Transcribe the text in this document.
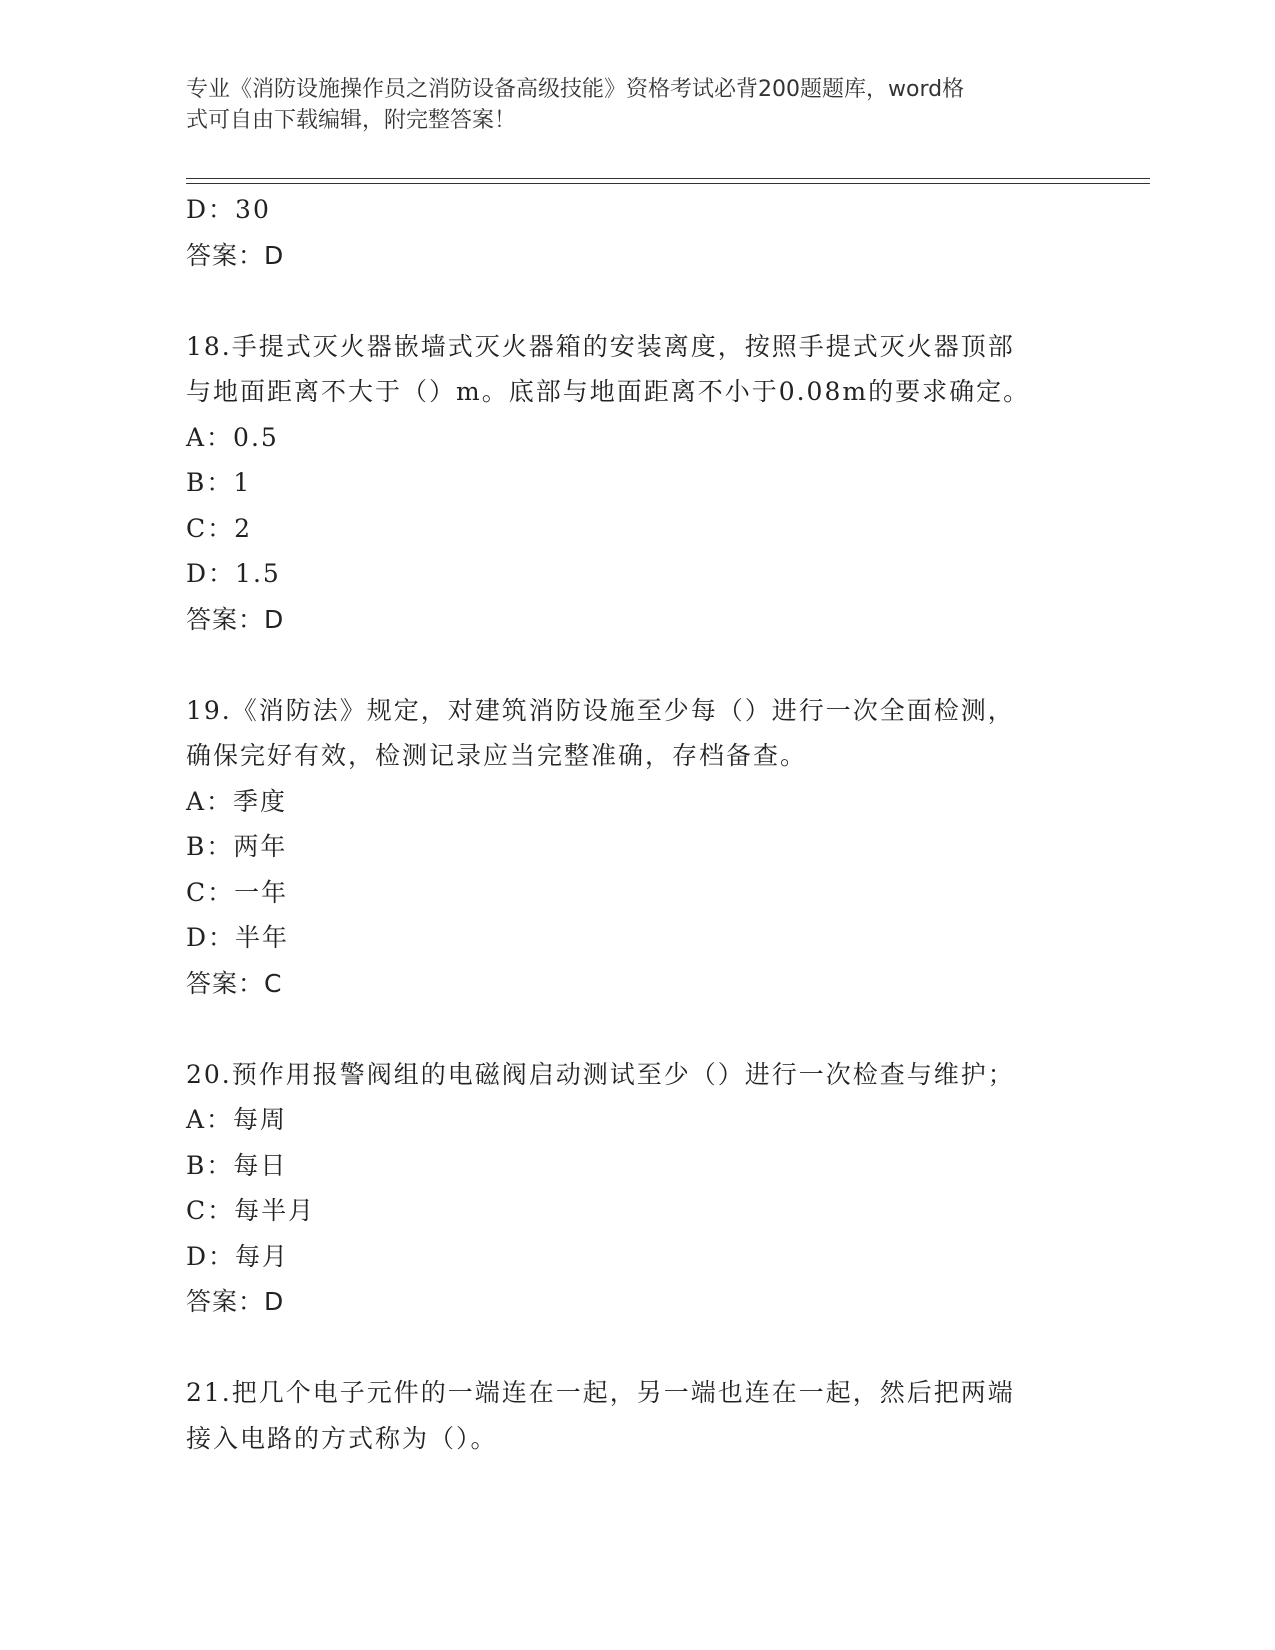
专业《消防设施操作员之消防设备高级技能》资格考试必背200题题库，word格
式可自由下载编辑，附完整答案！
D：30
答案：D
18.手提式灭火器嵌墙式灭火器箱的安装离度，按照手提式灭火器顶部
与地面距离不大于（）m。底部与地面距离不小于0.08m的要求确定。
A：0.5
B：1
C：2
D：1.5
答案：D
19.《消防法》规定，对建筑消防设施至少每（）进行一次全面检测，
确保完好有效，检测记录应当完整准确，存档备查。
A：季度
B：两年
C：一年
D：半年
答案：C
20.预作用报警阀组的电磁阀启动测试至少（）进行一次检查与维护；
A：每周
B：每日
C：每半月
D：每月
答案：D
21.把几个电子元件的一端连在一起，另一端也连在一起，然后把两端
接入电路的方式称为（）。
